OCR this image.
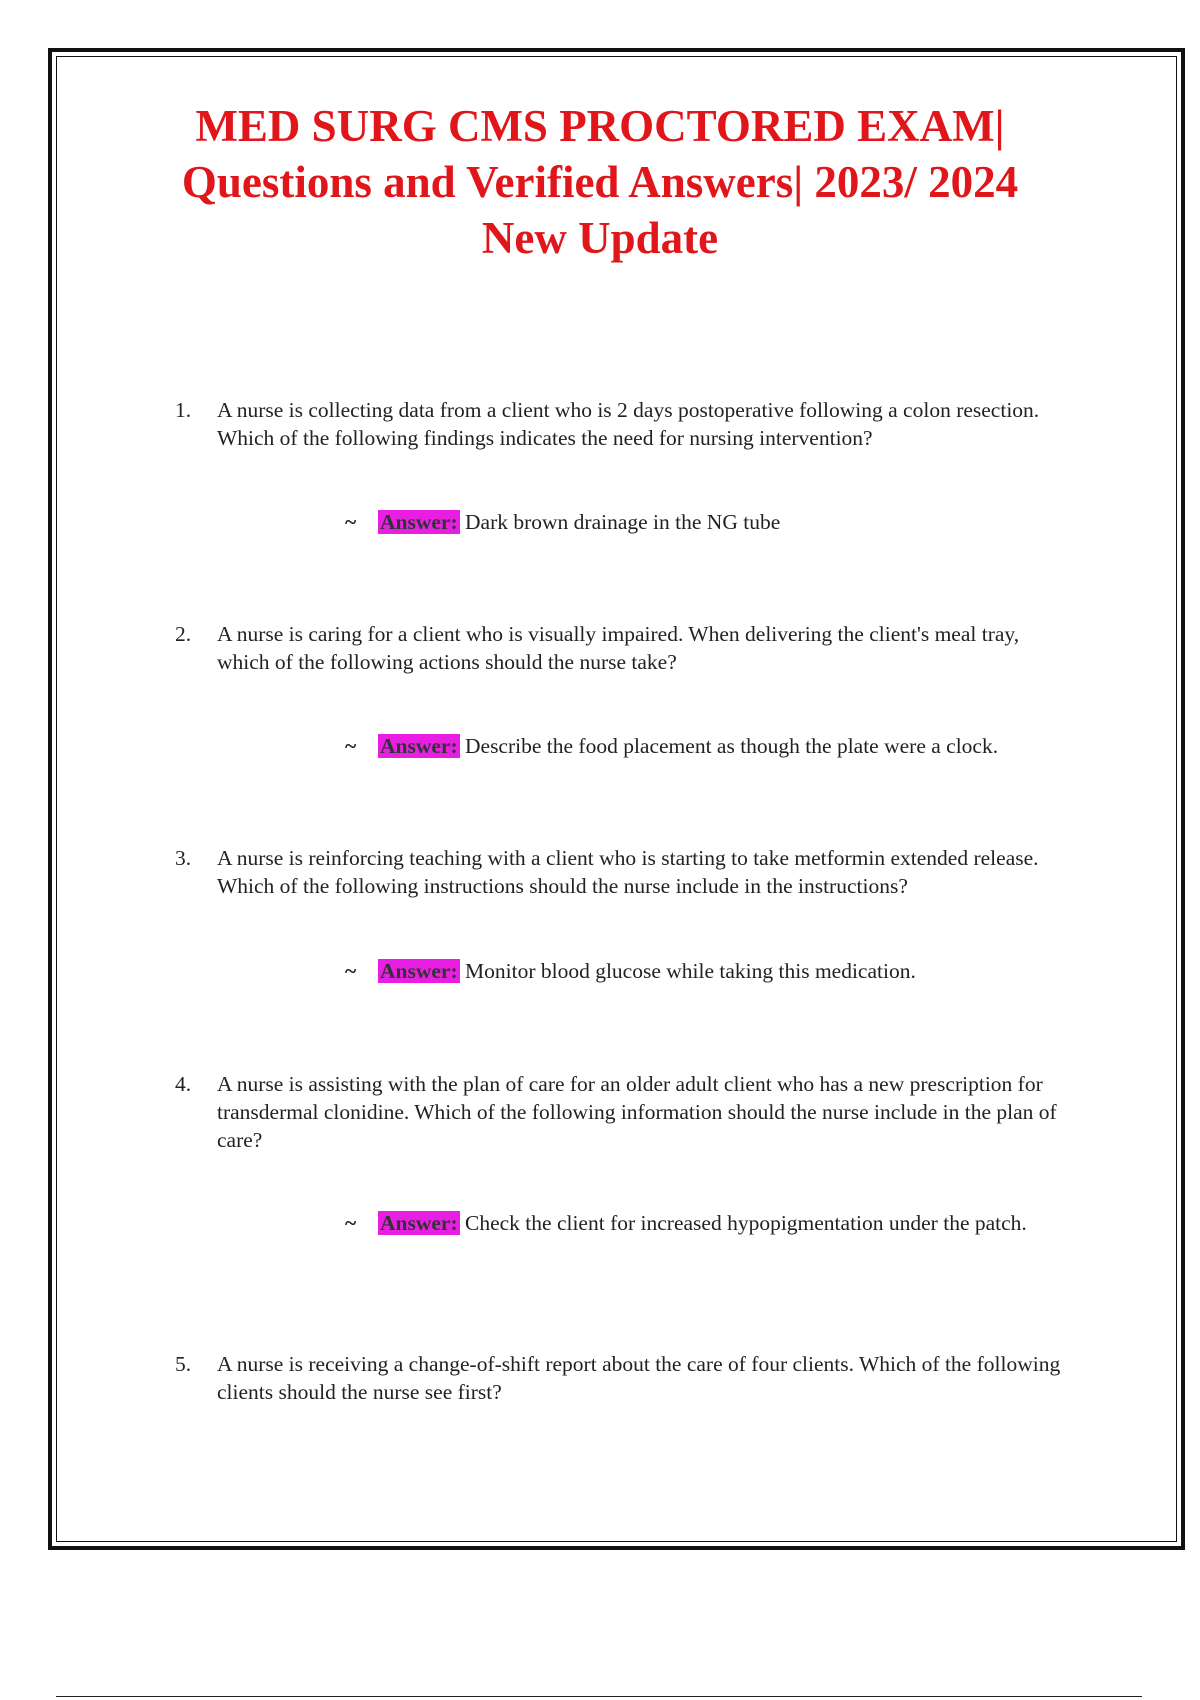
MED SURG CMS PROCTORED EXAM|
Questions and Verified Answers| 2023/ 2024
New Update
1.	A nurse is collecting data from a client who is 2 days postoperative following a colon resection. Which of the following findings indicates the need for nursing intervention?
~ Answer: Dark brown drainage in the NG tube
2.	A nurse is caring for a client who is visually impaired. When delivering the client's meal tray, which of the following actions should the nurse take?
~ Answer: Describe the food placement as though the plate were a clock.
3.	A nurse is reinforcing teaching with a client who is starting to take metformin extended release. Which of the following instructions should the nurse include in the instructions?
~ Answer: Monitor blood glucose while taking this medication.
4.	A nurse is assisting with the plan of care for an older adult client who has a new prescription for transdermal clonidine. Which of the following information should the nurse include in the plan of care?
~ Answer: Check the client for increased hypopigmentation under the patch.
5.	A nurse is receiving a change-of-shift report about the care of four clients. Which of the following clients should the nurse see first?
